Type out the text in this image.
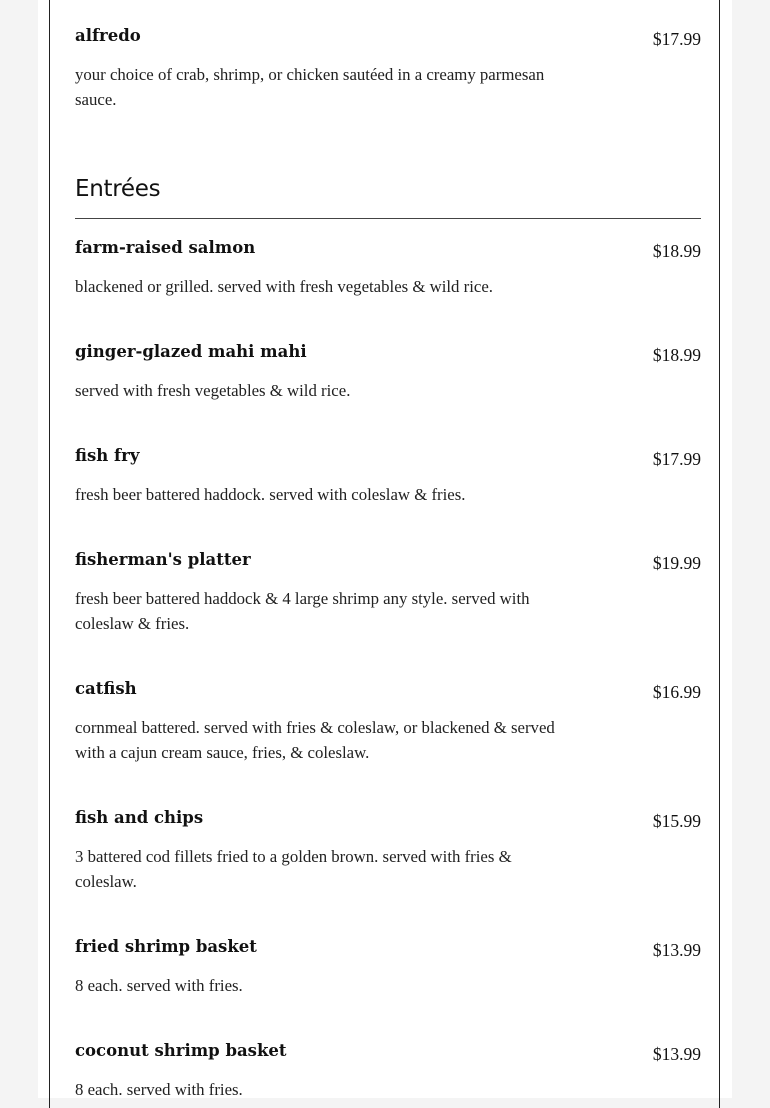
alfredo	$17.99
your choice of crab, shrimp, or chicken sautéed in a creamy parmesan sauce.
Entrées
farm-raised salmon	$18.99
blackened or grilled. served with fresh vegetables & wild rice.
ginger-glazed mahi mahi	$18.99
served with fresh vegetables & wild rice.
fish fry	$17.99
fresh beer battered haddock. served with coleslaw & fries.
fisherman's platter	$19.99
fresh beer battered haddock & 4 large shrimp any style. served with coleslaw & fries.
catfish	$16.99
cornmeal battered. served with fries & coleslaw, or blackened & served with a cajun cream sauce, fries, & coleslaw.
fish and chips	$15.99
3 battered cod fillets fried to a golden brown. served with fries & coleslaw.
fried shrimp basket	$13.99
8 each. served with fries.
coconut shrimp basket	$13.99
8 each. served with fries.
